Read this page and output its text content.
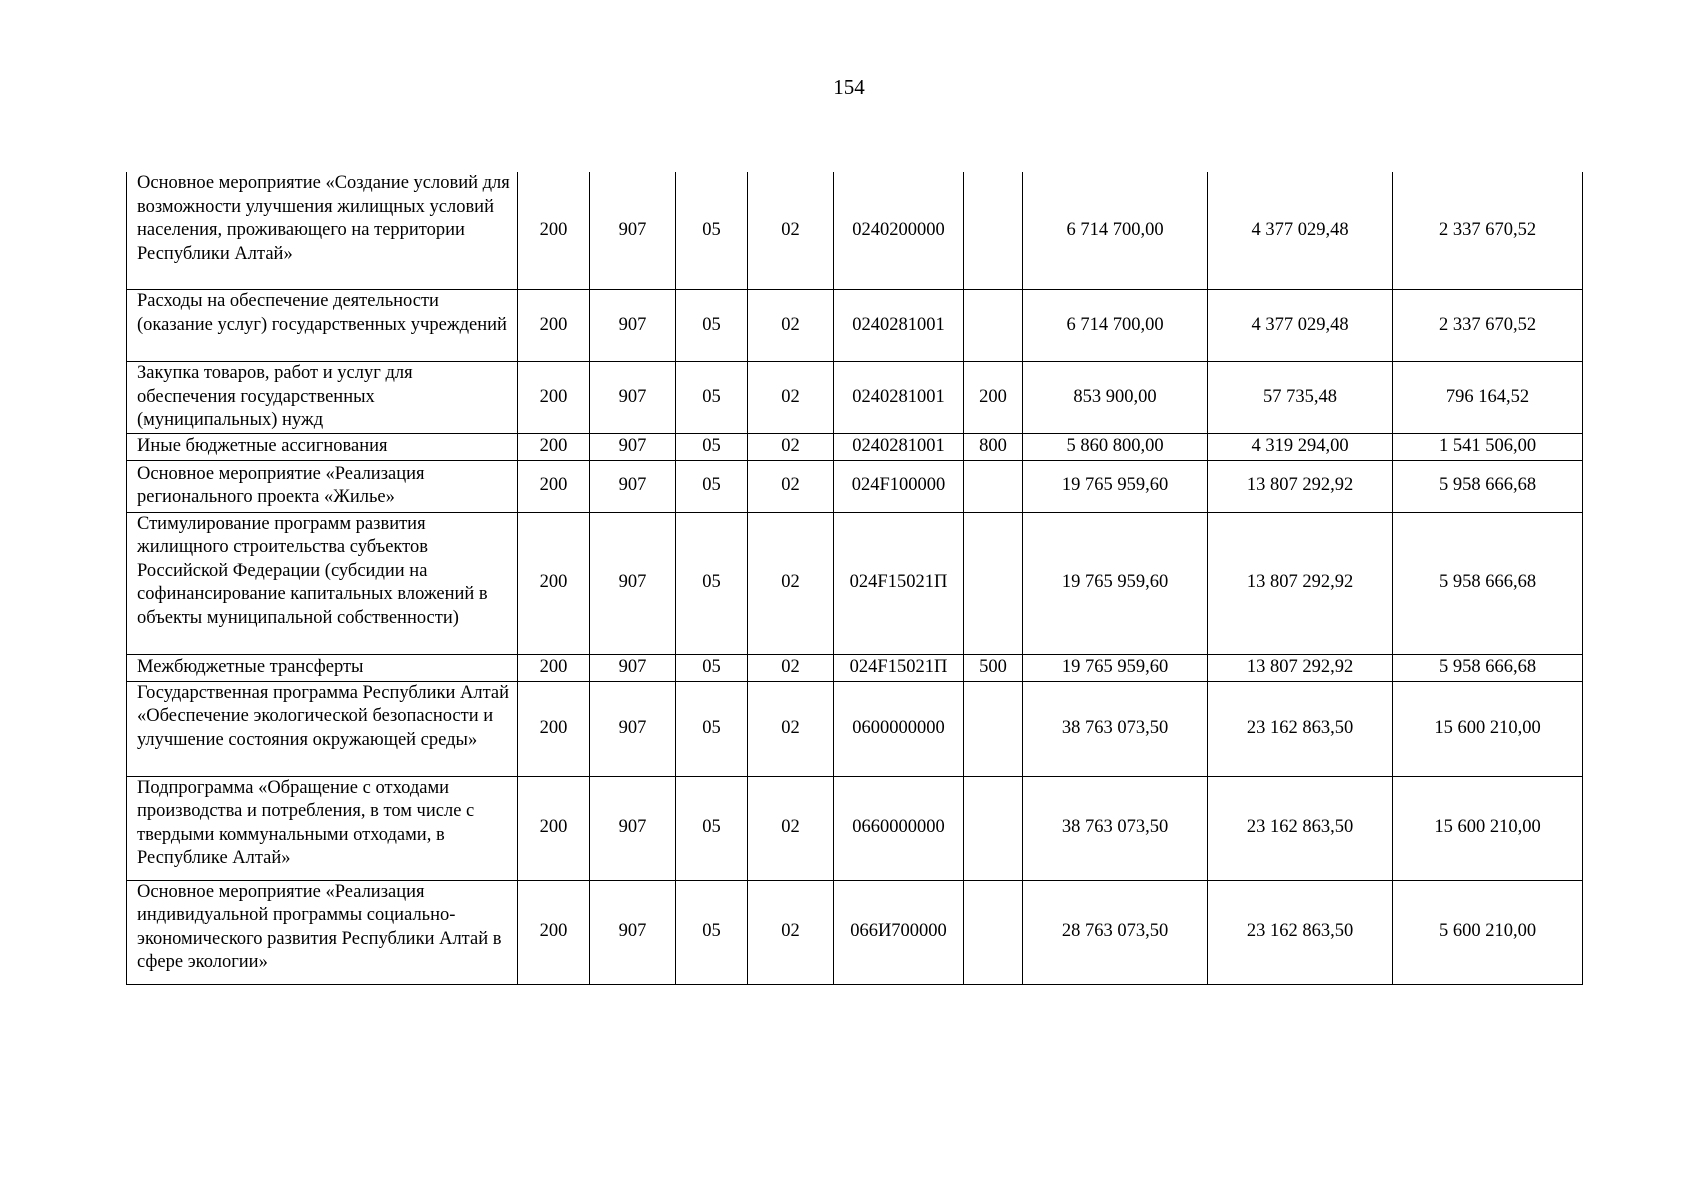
154
Основное мероприятие «Создание условий для возможности улучшения жилищных условий населения, проживающего на территории Республики Алтай»	200	907	05	02	0240200000		6 714 700,00	4 377 029,48	2 337 670,52
Расходы на обеспечение деятельности (оказание услуг) государственных учреждений	200	907	05	02	0240281001		6 714 700,00	4 377 029,48	2 337 670,52
Закупка товаров, работ и услуг для обеспечения государственных (муниципальных) нужд	200	907	05	02	0240281001	200	853 900,00	57 735,48	796 164,52
Иные бюджетные ассигнования	200	907	05	02	0240281001	800	5 860 800,00	4 319 294,00	1 541 506,00
Основное мероприятие «Реализация регионального проекта «Жилье»	200	907	05	02	024F100000		19 765 959,60	13 807 292,92	5 958 666,68
Стимулирование программ развития жилищного строительства субъектов Российской Федерации (субсидии на софинансирование капитальных вложений в объекты муниципальной собственности)	200	907	05	02	024F15021П		19 765 959,60	13 807 292,92	5 958 666,68
Межбюджетные трансферты	200	907	05	02	024F15021П	500	19 765 959,60	13 807 292,92	5 958 666,68
Государственная программа Республики Алтай «Обеспечение экологической безопасности и улучшение состояния окружающей среды»	200	907	05	02	0600000000		38 763 073,50	23 162 863,50	15 600 210,00
Подпрограмма «Обращение с отходами производства и потребления, в том числе с твердыми коммунальными отходами, в Республике Алтай»	200	907	05	02	0660000000		38 763 073,50	23 162 863,50	15 600 210,00
Основное мероприятие «Реализация индивидуальной программы социально-экономического развития Республики Алтай в сфере экологии»	200	907	05	02	066И700000		28 763 073,50	23 162 863,50	5 600 210,00
